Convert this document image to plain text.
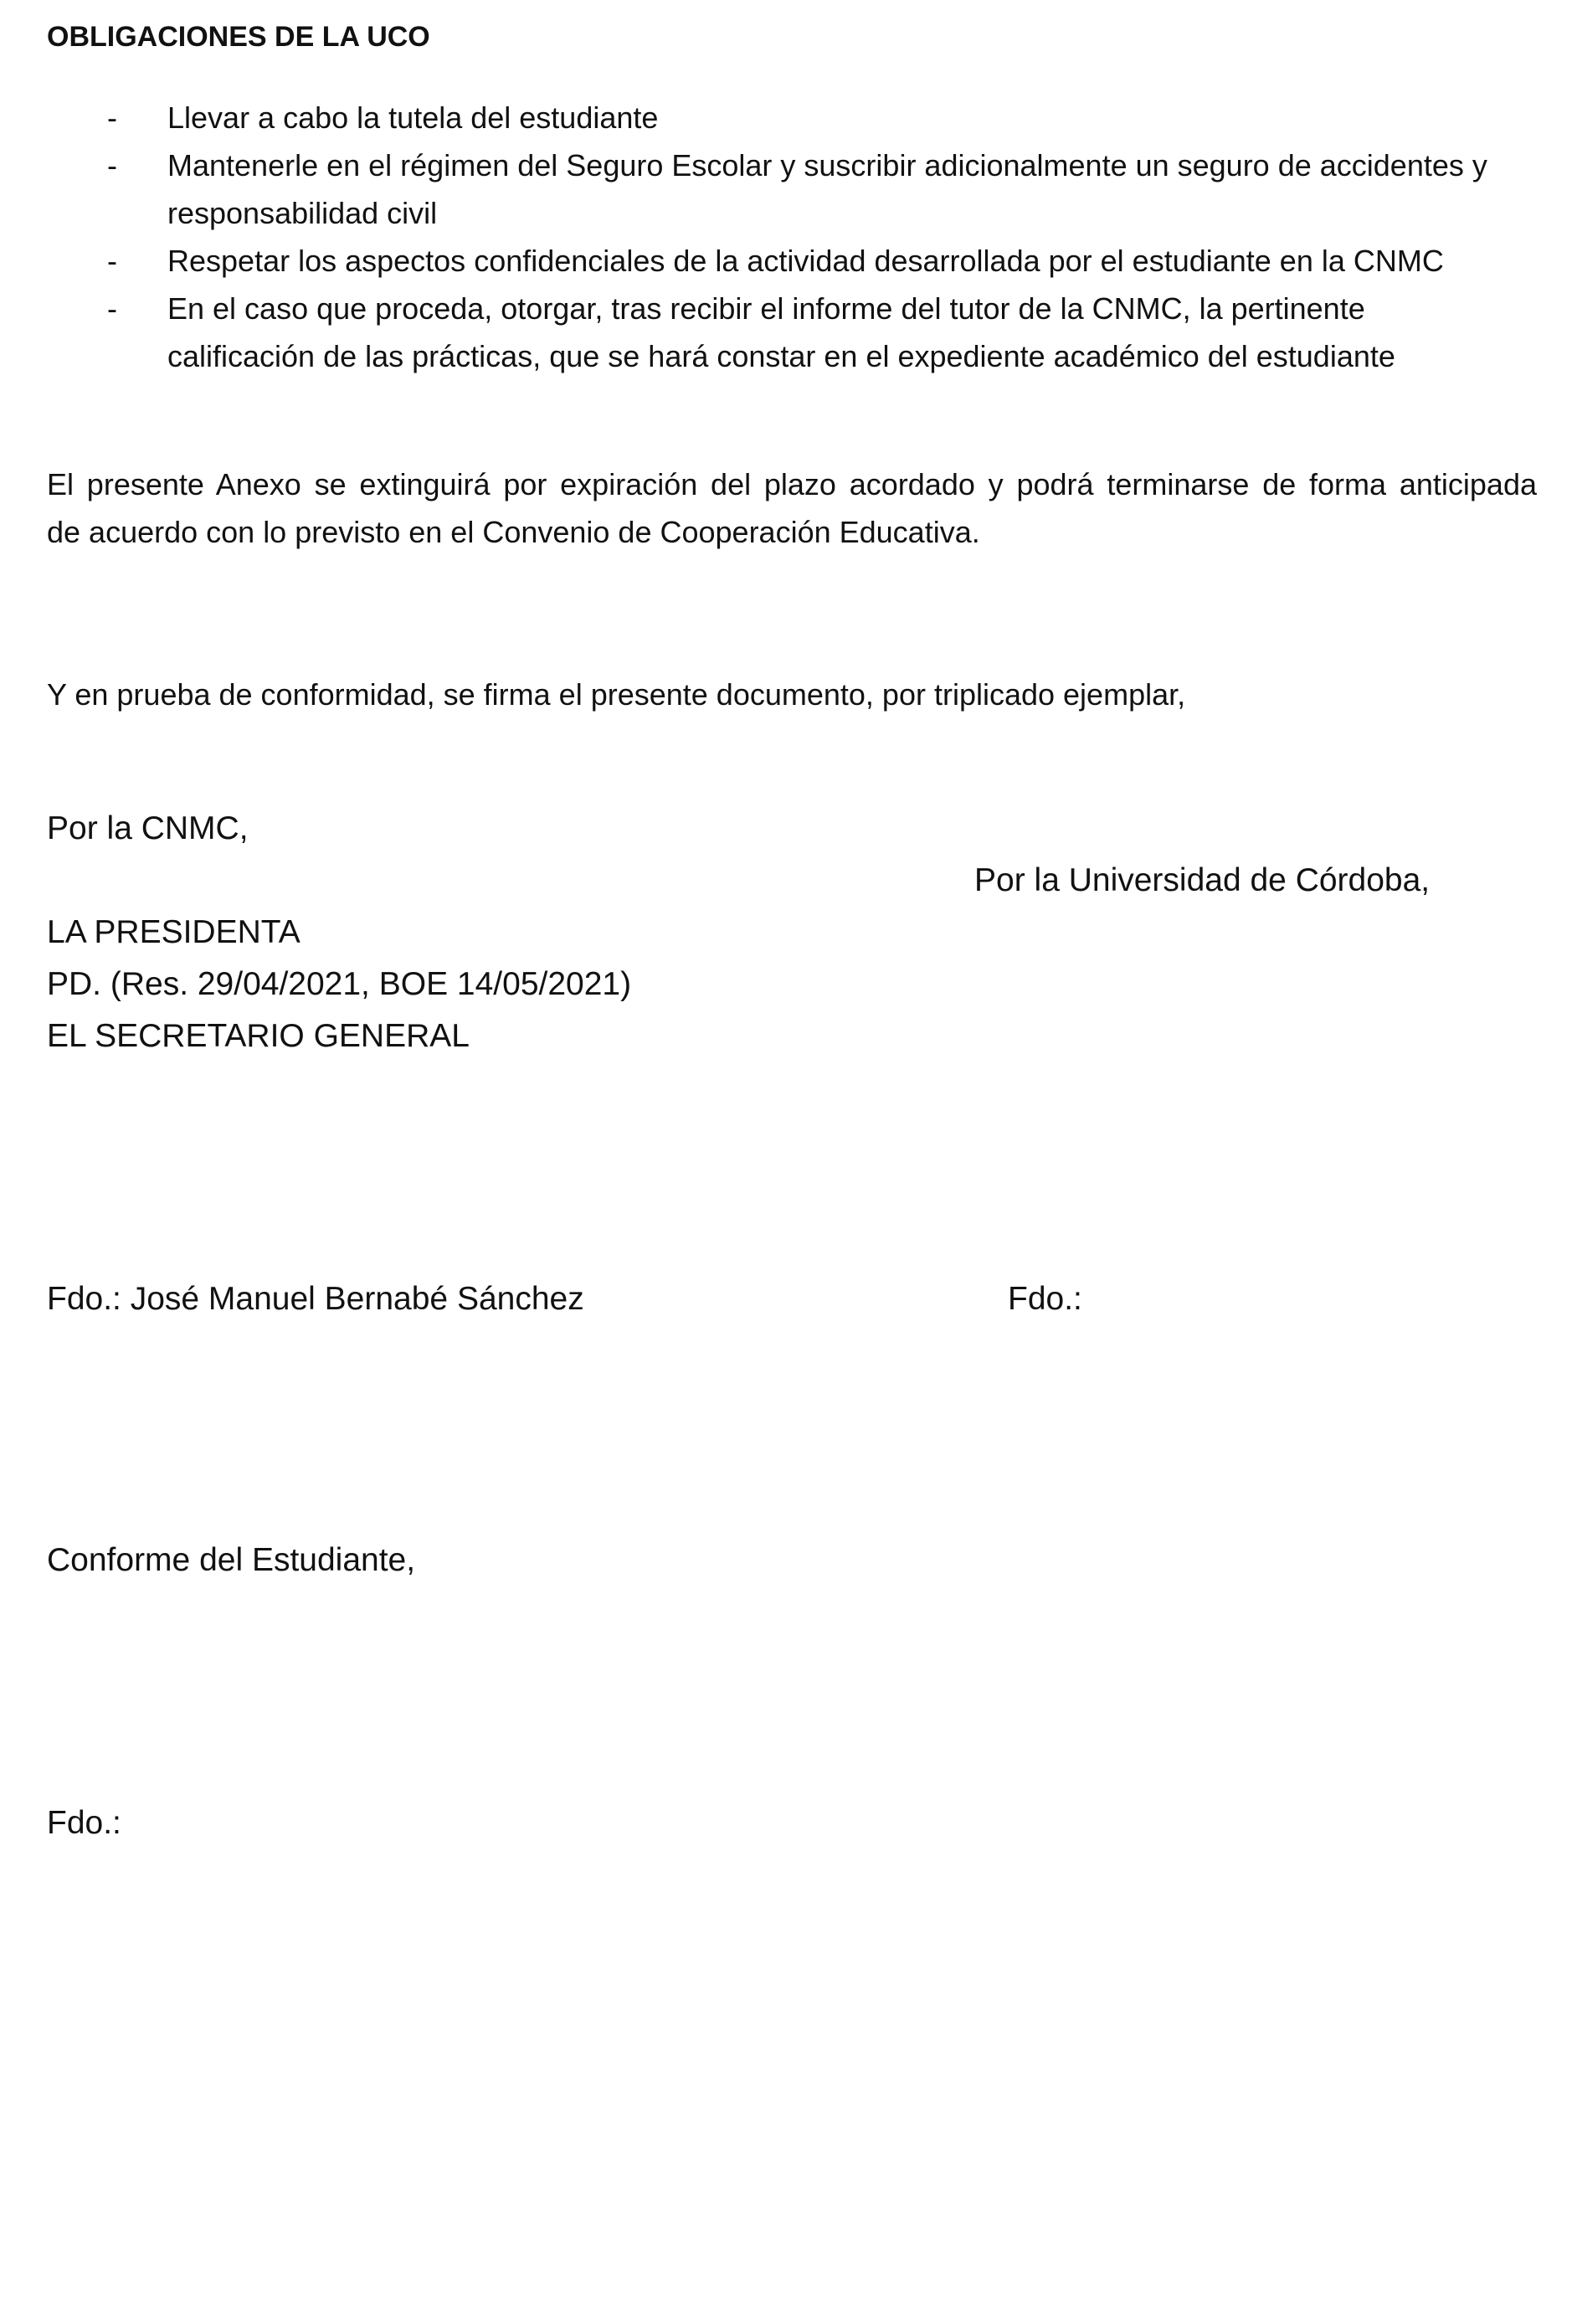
OBLIGACIONES DE LA UCO
- Llevar a cabo la tutela del estudiante
- Mantenerle en el régimen del Seguro Escolar y suscribir adicionalmente un seguro de accidentes y
responsabilidad civil
- Respetar los aspectos confidenciales de la actividad desarrollada por el estudiante en la CNMC
- En el caso que proceda, otorgar, tras recibir el informe del tutor de la CNMC, la pertinente
calificación de las prácticas, que se hará constar en el expediente académico del estudiante
El presente Anexo se extinguirá por expiración del plazo acordado y podrá terminarse de forma anticipada
de acuerdo con lo previsto en el Convenio de Cooperación Educativa.
Y en prueba de conformidad, se firma el presente documento, por triplicado ejemplar,
Por la CNMC,
Por la Universidad de Córdoba,
LA PRESIDENTA
PD. (Res. 29/04/2021, BOE 14/05/2021)
EL SECRETARIO GENERAL
Fdo.: José Manuel Bernabé Sánchez	Fdo.:
Conforme del Estudiante,
Fdo.:
